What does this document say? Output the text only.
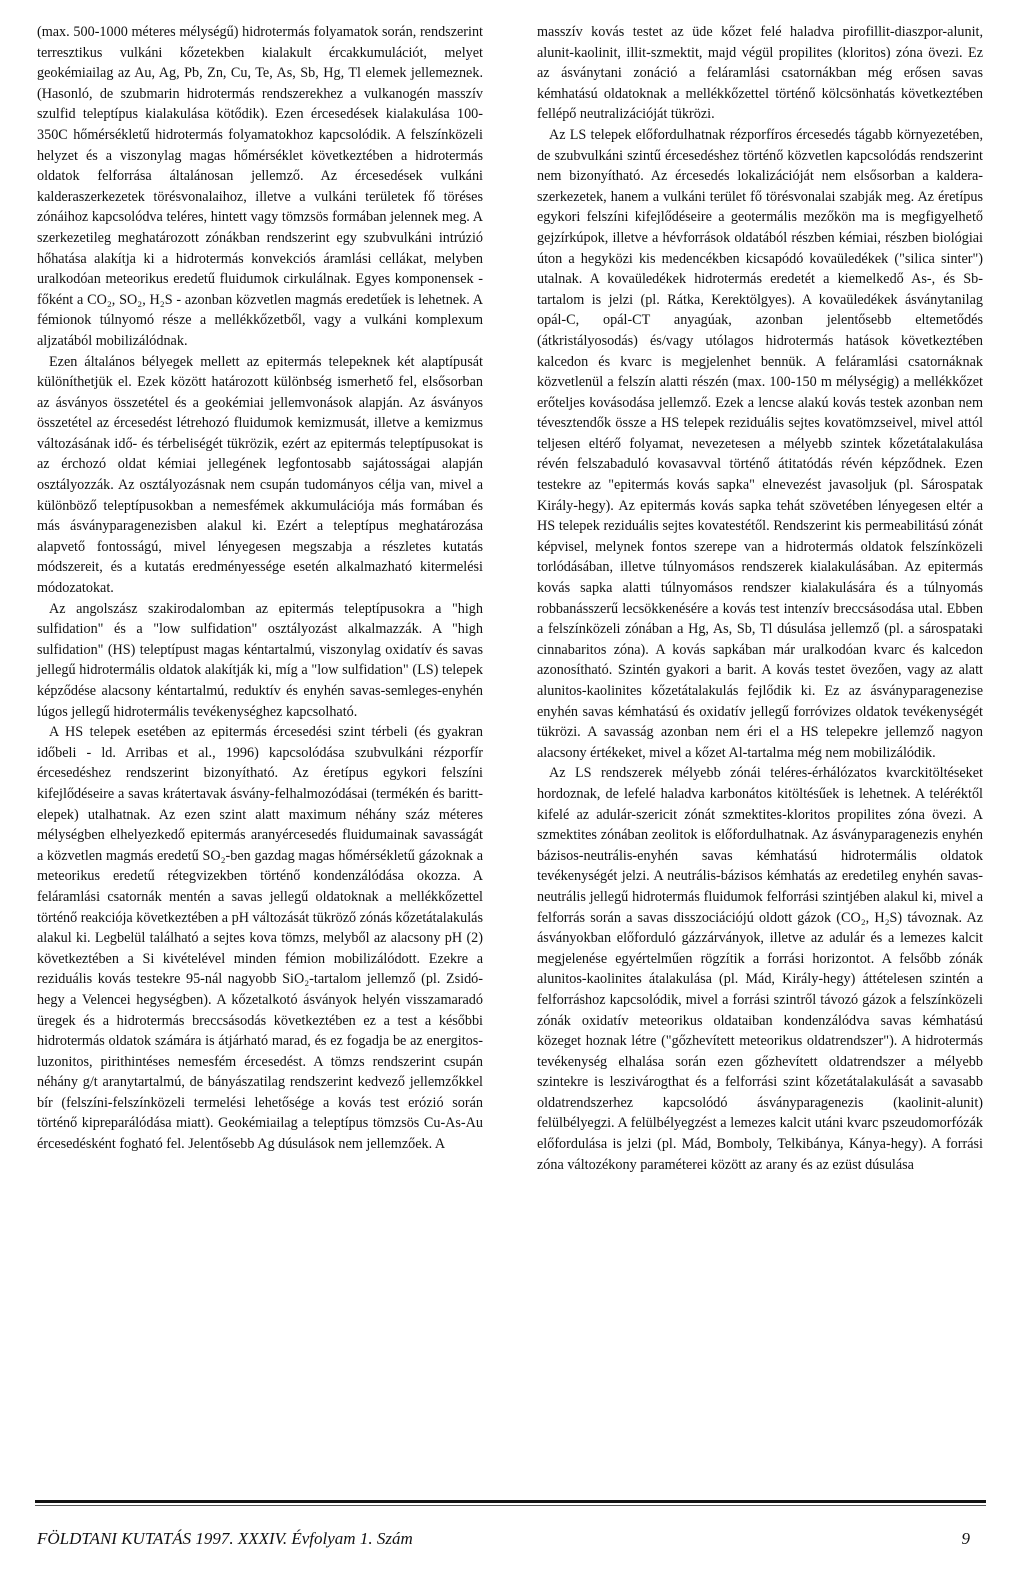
(max. 500-1000 méteres mélységű) hidrotermás folyamatok során, rendszerint terresztikus vulkáni kőzetekben kialakult ércakkumulációt, melyet geokémiailag az Au, Ag, Pb, Zn, Cu, Te, As, Sb, Hg, Tl elemek jellemeznek. (Hasonló, de szubmarin hidrotermás rendszerekhez a vulkanogén masszív szulfid teleptípus kialakulása kötődik). Ezen ércesedések kialakulása 100-350C hőmérsékletű hidrotermás folyamatokhoz kapcsolódik. A felszínközeli helyzet és a viszonylag magas hőmérséklet következtében a hidrotermás oldatok felforrása általánosan jellemző. Az ércesedések vulkáni kalderaszerkezetek törésvonalaihoz, illetve a vulkáni területek fő töréses zónáihoz kapcsolódva teléres, hintett vagy tömzsös formában jelennek meg. A szerkezetileg meghatározott zónákban rendszerint egy szubvulkáni intrúzió hőhatása alakítja ki a hidrotermás konvekciós áramlási cellákat, melyben uralkodóan meteorikus eredetű fluidumok cirkulálnak. Egyes komponensek - főként a CO₂, SO₂, H₂S - azonban közvetlen magmás eredetűek is lehetnek. A fémionok túlnyomó része a mellékkőzetből, vagy a vulkáni komplexum aljzatából mobilizálódnak.

Ezen általános bélyegek mellett az epitermás telepeknek két alaptípusát különíthetjük el. Ezek között határozott különbség ismerhető fel, elsősorban az ásványos összetétel és a geokémiai jellemvonások alapján. Az ásványos összetétel az ércesedést létrehozó fluidumok kemizmusát, illetve a kemizmus változásának idő- és térbeliségét tükrözik, ezért az epitermás teleptípusokat is az érchozó oldat kémiai jellegének legfontosabb sajátosságai alapján osztályozzák. Az osztályozásnak nem csupán tudományos célja van, mivel a különböző teleptípusokban a nemesfémek akkumulációja más formában és más ásványparagenezisben alakul ki. Ezért a teleptípus meghatározása alapvető fontosságú, mivel lényegesen megszabja a részletes kutatás módszereit, és a kutatás eredményessége esetén alkalmazható kitermelési módozatokat.

Az angolszász szakirodalomban az epitermás teleptípusokra a "high sulfidation" és a "low sulfidation" osztályozást alkalmazzák. A "high sulfidation" (HS) teleptípust magas kéntartalmú, viszonylag oxidatív és savas jellegű hidrotermális oldatok alakítják ki, míg a "low sulfidation" (LS) telepek képződése alacsony kéntartalmú, reduktív és enyhén savas-semleges-enyhén lúgos jellegű hidrotermális tevékenységhez kapcsolható.

A HS telepek esetében az epitermás ércesedési szint térbeli (és gyakran időbeli - ld. Arribas et al., 1996) kapcsolódása szubvulkáni rézporfír ércesedéshez rendszerint bizonyítható. Az éretípus egykori felszíni kifejlődéseire a savas krátertavak ásvány-felhalmozódásai (termékén és barittelepek) utalhatnak. Az ezen szint alatt maximum néhány száz méteres mélységben elhelyezkedő epitermás aranyércesedés fluidumainak savasságát a közvetlen magmás eredetű SO₂-ben gazdag magas hőmérsékletű gázoknak a meteorikus eredetű rétegvizekben történő kondenzálódása okozza. A feláramlási csatornák mentén a savas jellegű oldatoknak a mellékkőzettel történő reakciója következtében a pH változását tükröző zónás kőzetátalakulás alakul ki. Legbelül található a sejtes kova tömzs, melyből az alacsony pH (2) következtében a Si kivételével minden fémion mobilizálódott. Ezekre a reziduális kovás testekre 95-nál nagyobb SiO₂-tartalom jellemző (pl. Zsidó-hegy a Velencei hegységben). A kőzetalkotó ásványok helyén visszamaradó üregek és a hidrotermás breccsásodás következtében ez a test a későbbi hidrotermás oldatok számára is átjárható marad, és ez fogadja be az energitos-luzonitos, pirithintéses nemesfém ércesedést. A tömzs rendszerint csupán néhány g/t aranytartalmú, de bányászatilag rendszerint kedvező jellemzőkkel bír (felszíni-felszínközeli termelési lehetősége a kovás test erózió során történő kipreparálódása miatt). Geokémiailag a teleptípus tömzsös Cu-As-Au ércesedésként fogható fel. Jelentősebb Ag dúsulások nem jellemzőek. A

masszív kovás testet az üde kőzet felé haladva pirofillit-diaszpor-alunit, alunit-kaolinit, illit-szmektit, majd végül propilites (kloritos) zóna övezi. Ez az ásványtani zonáció a feláramlási csatornákban még erősen savas kémhatású oldatoknak a mellékkőzettel történő kölcsönhatás következtében fellépő neutralizációját tükrözi.

Az LS telepek előfordulhatnak rézporfíros ércesedés tágabb környezetében, de szubvulkáni szintű ércesedéshez történő közvetlen kapcsolódás rendszerint nem bizonyítható. Az ércesedés lokalizációját nem elsősorban a kaldera-szerkezetek, hanem a vulkáni terület fő törésvonalai szabják meg. Az éretípus egykori felszíni kifejlődéseire a geotermális mezőkön ma is megfigyelhető gejzírkúpok, illetve a hévforrások oldatából részben kémiai, részben biológiai úton a hegyközi kis medencékben kicsapódó kovaüledékek ("silica sinter") utalnak. A kovaüledékek hidrotermás eredetét a kiemelkedő As-, és Sb-tartalom is jelzi (pl. Rátka, Kerektölgyes). A kovaüledékek ásványtanilag opál-C, opál-CT anyagúak, azonban jelentősebb eltemetődés (átkristályosodás) és/vagy utólagos hidrotermás hatások következtében kalcedon és kvarc is megjelenhet bennük. A feláramlási csatornáknak közvetlenül a felszín alatti részén (max. 100-150 m mélységig) a mellékkőzet erőteljes kovásodása jellemző. Ezek a lencse alakú kovás testek azonban nem tévesztendők össze a HS telepek reziduális sejtes kovatömzseivel, mivel attól teljesen eltérő folyamat, nevezetesen a mélyebb szintek kőzetátalakulása révén felszabaduló kovasavval történő átitatódás révén képződnek. Ezen testekre az "epitermás kovás sapka" elnevezést javasoljuk (pl. Sárospatak Király-hegy). Az epitermás kovás sapka tehát szövetében lényegesen eltér a HS telepek reziduális sejtes kovatestétől. Rendszerint kis permeabilitású zónát képvisel, melynek fontos szerepe van a hidrotermás oldatok felszínközeli torlódásában, illetve túlnyomásos rendszerek kialakulásában. Az epitermás kovás sapka alatti túlnyomásos rendszer kialakulására és a túlnyomás robbanásszerű lecsökkenésére a kovás test intenzív breccsásodása utal. Ebben a felszínközeli zónában a Hg, As, Sb, Tl dúsulása jellemző (pl. a sárospataki cinnabaritos zóna). A kovás sapkában már uralkodóan kvarc és kalcedon azonosítható. Szintén gyakori a barit. A kovás testet övezően, vagy az alatt alunitos-kaolinites kőzetátalakulás fejlődik ki. Ez az ásványparagenezise enyhén savas kémhatású és oxidatív jellegű forróvizes oldatok tevékenységét tükrözi. A savasság azonban nem éri el a HS telepekre jellemző nagyon alacsony értékeket, mivel a kőzet Al-tartalma még nem mobilizálódik.

Az LS rendszerek mélyebb zónái teléres-érhálózatos kvarckitöltéseket hordoznak, de lefelé haladva karbonátos kitöltésűek is lehetnek. A teléréktől kifelé az adulár-szericit zónát szmektites-kloritos propilites zóna övezi. A szmektites zónában zeolitok is előfordulhatnak. Az ásványparagenezis enyhén bázisos-neutrális-enyhén savas kémhatású hidrotermális oldatok tevékenységét jelzi. A neutrális-bázisos kémhatás az eredetileg enyhén savas-neutrális jellegű hidrotermás fluidumok felforrási szintjében alakul ki, mivel a felforrás során a savas disszociációjú oldott gázok (CO₂, H₂S) távoznak. Az ásványokban előforduló gázzárványok, illetve az adulár és a lemezes kalcit megjelenése egyértelműen rögzítik a forrási horizontot. A felsőbb zónák alunitos-kaolinites átalakulása (pl. Mád, Király-hegy) áttételesen szintén a felforráshoz kapcsolódik, mivel a forrási szintről távozó gázok a felszínközeli zónák oxidatív meteorikus oldataiban kondenzálódva savas kémhatású közeget hoznak létre ("gőzhevített meteorikus oldatrendszer"). A hidrotermás tevékenység elhalása során ezen gőzhevített oldatrendszer a mélyebb szintekre is leszivárogthat és a felforrási szint kőzetátalakulását a savasabb oldatrendszerhez kapcsolódó ásványparagenezis (kaolinit-alunit) felülbélyegzi. A felülbélyegzést a lemezes kalcit utáni kvarc pszeudomorfózák előfordulása is jelzi (pl. Mád, Bomboly, Telkibánya, Kánya-hegy). A forrási zóna változékony paraméterei között az arany és az ezüst dúsulása

FÖLDTANI KUTATÁS 1997. XXXIV. Évfolyam 1. Szám	9
